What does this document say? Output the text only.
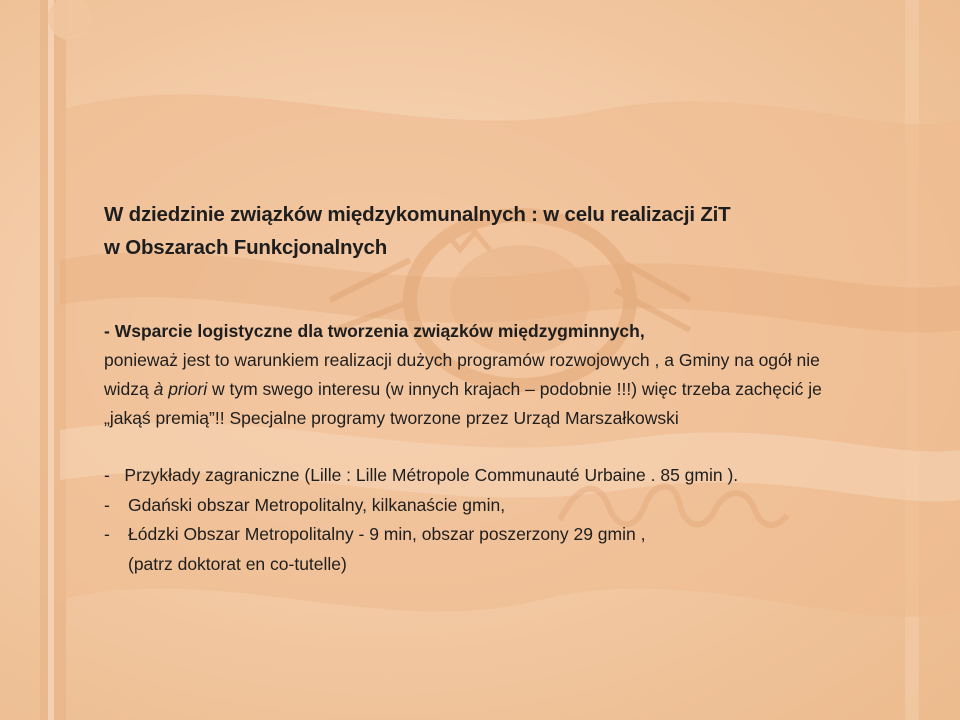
W dziedzinie związków międzykomunalnych : w celu realizacji ZiT
w Obszarach Funkcjonalnych

- Wsparcie logistyczne dla tworzenia związków międzygminnych,
ponieważ jest to warunkiem realizacji dużych programów rozwojowych , a Gminy na ogół nie widzą à priori w tym swego interesu (w innych krajach – podobnie !!!) więc trzeba zachęcić je „jakąś premią”!! Specjalne programy tworzone przez Urząd Marszałkowski

- Przykłady zagraniczne (Lille : Lille Métropole Communauté Urbaine . 85 gmin ).
- Gdański obszar Metropolitalny, kilkanaście gmin,
- Łódzki Obszar Metropolitalny - 9 min, obszar poszerzony 29 gmin ,
(patrz doktorat en co-tutelle)
